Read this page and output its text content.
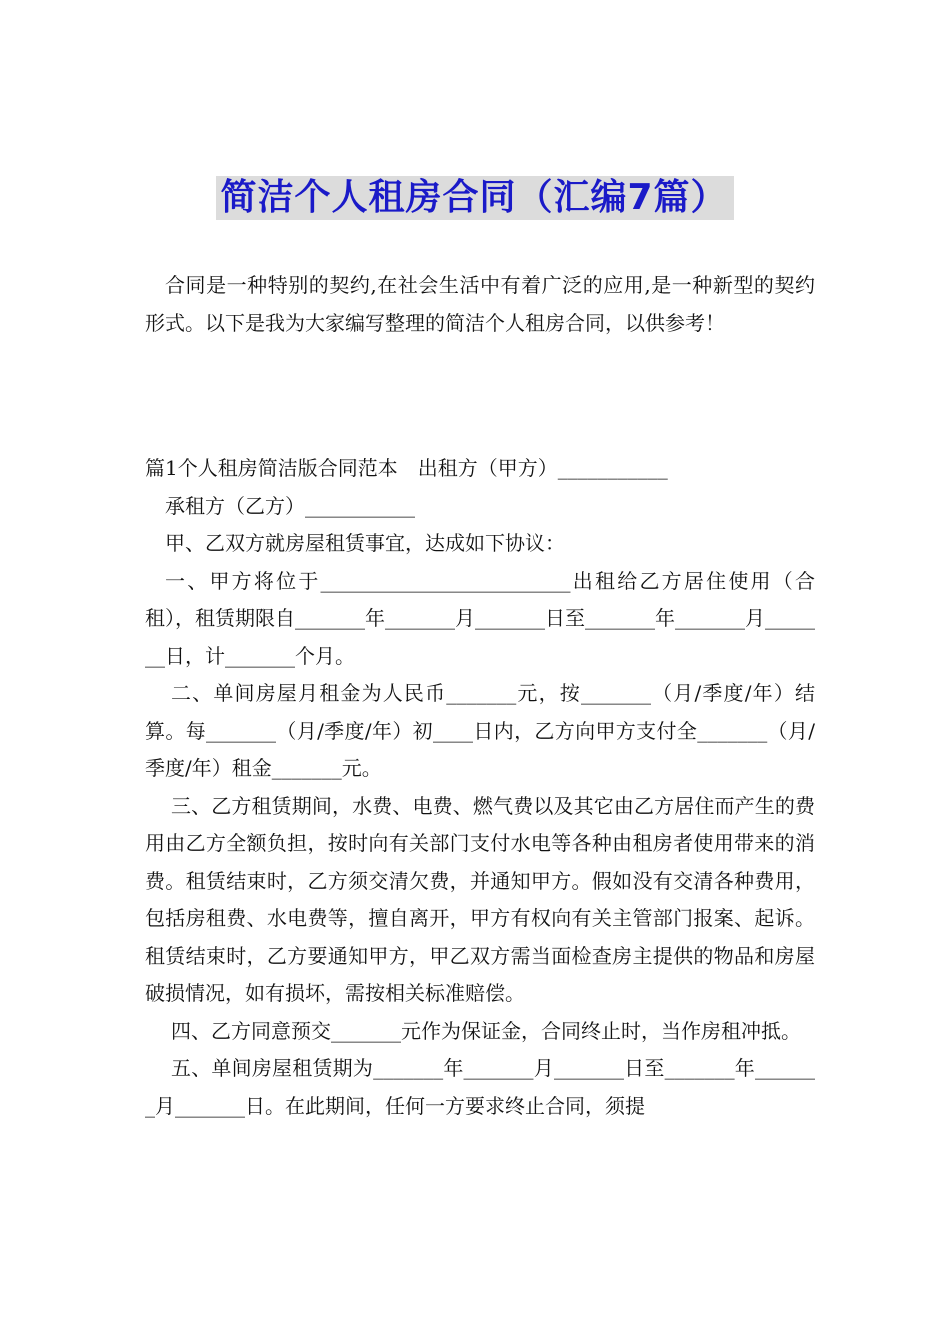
简洁个人租房合同（汇编7篇）

合同是一种特别的契约,在社会生活中有着广泛的应用,是一种新型的契约形式。以下是我为大家编写整理的简洁个人租房合同，以供参考！

篇1个人租房简洁版合同范本　出租方（甲方）___________

承租方（乙方）___________

甲、乙双方就房屋租赁事宜，达成如下协议：

一、甲方将位于_________________________出租给乙方居住使用（合租），租赁期限自_______年_______月_______日至_______年_______月_______日，计_______个月。

二、单间房屋月租金为人民币_______元，按_______（月/季度/年）结算。每_______（月/季度/年）初____日内，乙方向甲方支付全_______（月/季度/年）租金_______元。

三、乙方租赁期间，水费、电费、燃气费以及其它由乙方居住而产生的费用由乙方全额负担，按时向有关部门支付水电等各种由租房者使用带来的消费。租赁结束时，乙方须交清欠费，并通知甲方。假如没有交清各种费用，包括房租费、水电费等，擅自离开，甲方有权向有关主管部门报案、起诉。租赁结束时，乙方要通知甲方，甲乙双方需当面检查房主提供的物品和房屋破损情况，如有损坏，需按相关标准赔偿。

四、乙方同意预交_______元作为保证金，合同终止时，当作房租冲抵。

五、单间房屋租赁期为_______年_______月_______日至_______年_______月_______日。在此期间，任何一方要求终止合同，须提
